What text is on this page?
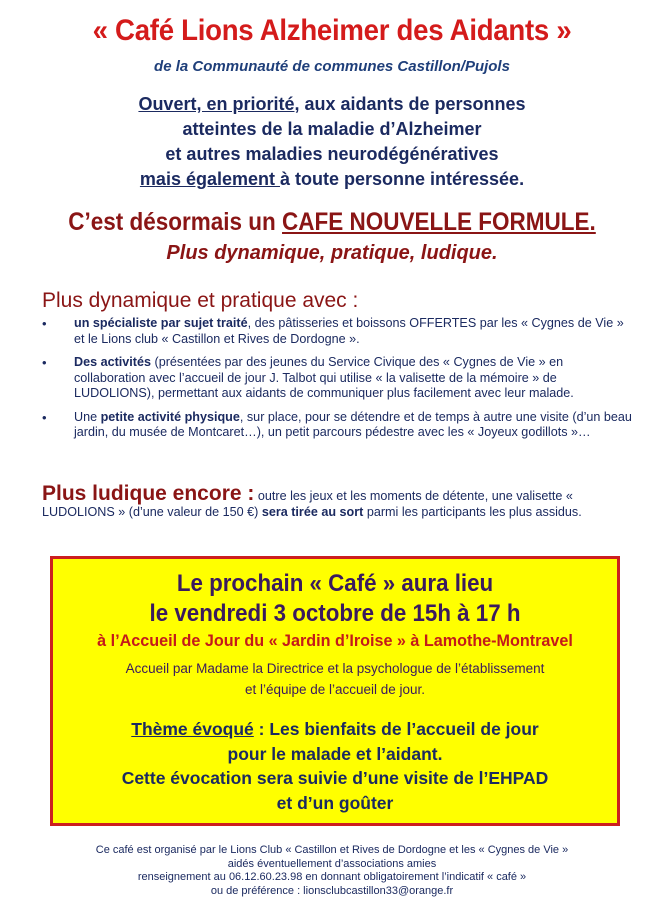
« Café Lions Alzheimer des Aidants »
de la Communauté de communes Castillon/Pujols
Ouvert, en priorité, aux aidants de personnes
atteintes de la maladie d’Alzheimer
et autres maladies neurodégénératives
mais également à toute personne intéressée.
C’est désormais un CAFE NOUVELLE FORMULE.
Plus dynamique, pratique, ludique.
Plus dynamique et pratique avec :
• un spécialiste par sujet traité, des pâtisseries et boissons OFFERTES par les « Cygnes de Vie » et le Lions club « Castillon et Rives de Dordogne ».
• Des activités (présentées par des jeunes du Service Civique des « Cygnes de Vie » en collaboration avec l’accueil de jour J. Talbot qui utilise « la valisette de la mémoire » de LUDOLIONS), permettant aux aidants de communiquer plus facilement avec leur malade.
• Une petite activité physique, sur place, pour se détendre et de temps à autre une visite (d’un beau jardin, du musée de Montcaret…), un petit parcours pédestre avec les « Joyeux godillots »…
Plus ludique encore : outre les jeux et les moments de détente, une valisette « LUDOLIONS » (d’une valeur de 150 €) sera tirée au sort parmi les participants les plus assidus.
Le prochain « Café » aura lieu
le vendredi 3 octobre de 15h à 17 h
à l’Accueil de Jour du « Jardin d’Iroise » à Lamothe-Montravel
Accueil par Madame la Directrice et la psychologue de l’établissement
et l’équipe de l’accueil de jour.
Thème évoqué : Les bienfaits de l’accueil de jour
pour le malade et l’aidant.
Cette évocation sera suivie d’une visite de l’EHPAD
et d’un goûter
Ce café est organisé par le Lions Club « Castillon et Rives de Dordogne et les « Cygnes de Vie »
aidés éventuellement d’associations amies
renseignement au 06.12.60.23.98 en donnant obligatoirement l’indicatif « café »
ou de préférence : lionsclubcastillon33@orange.fr
